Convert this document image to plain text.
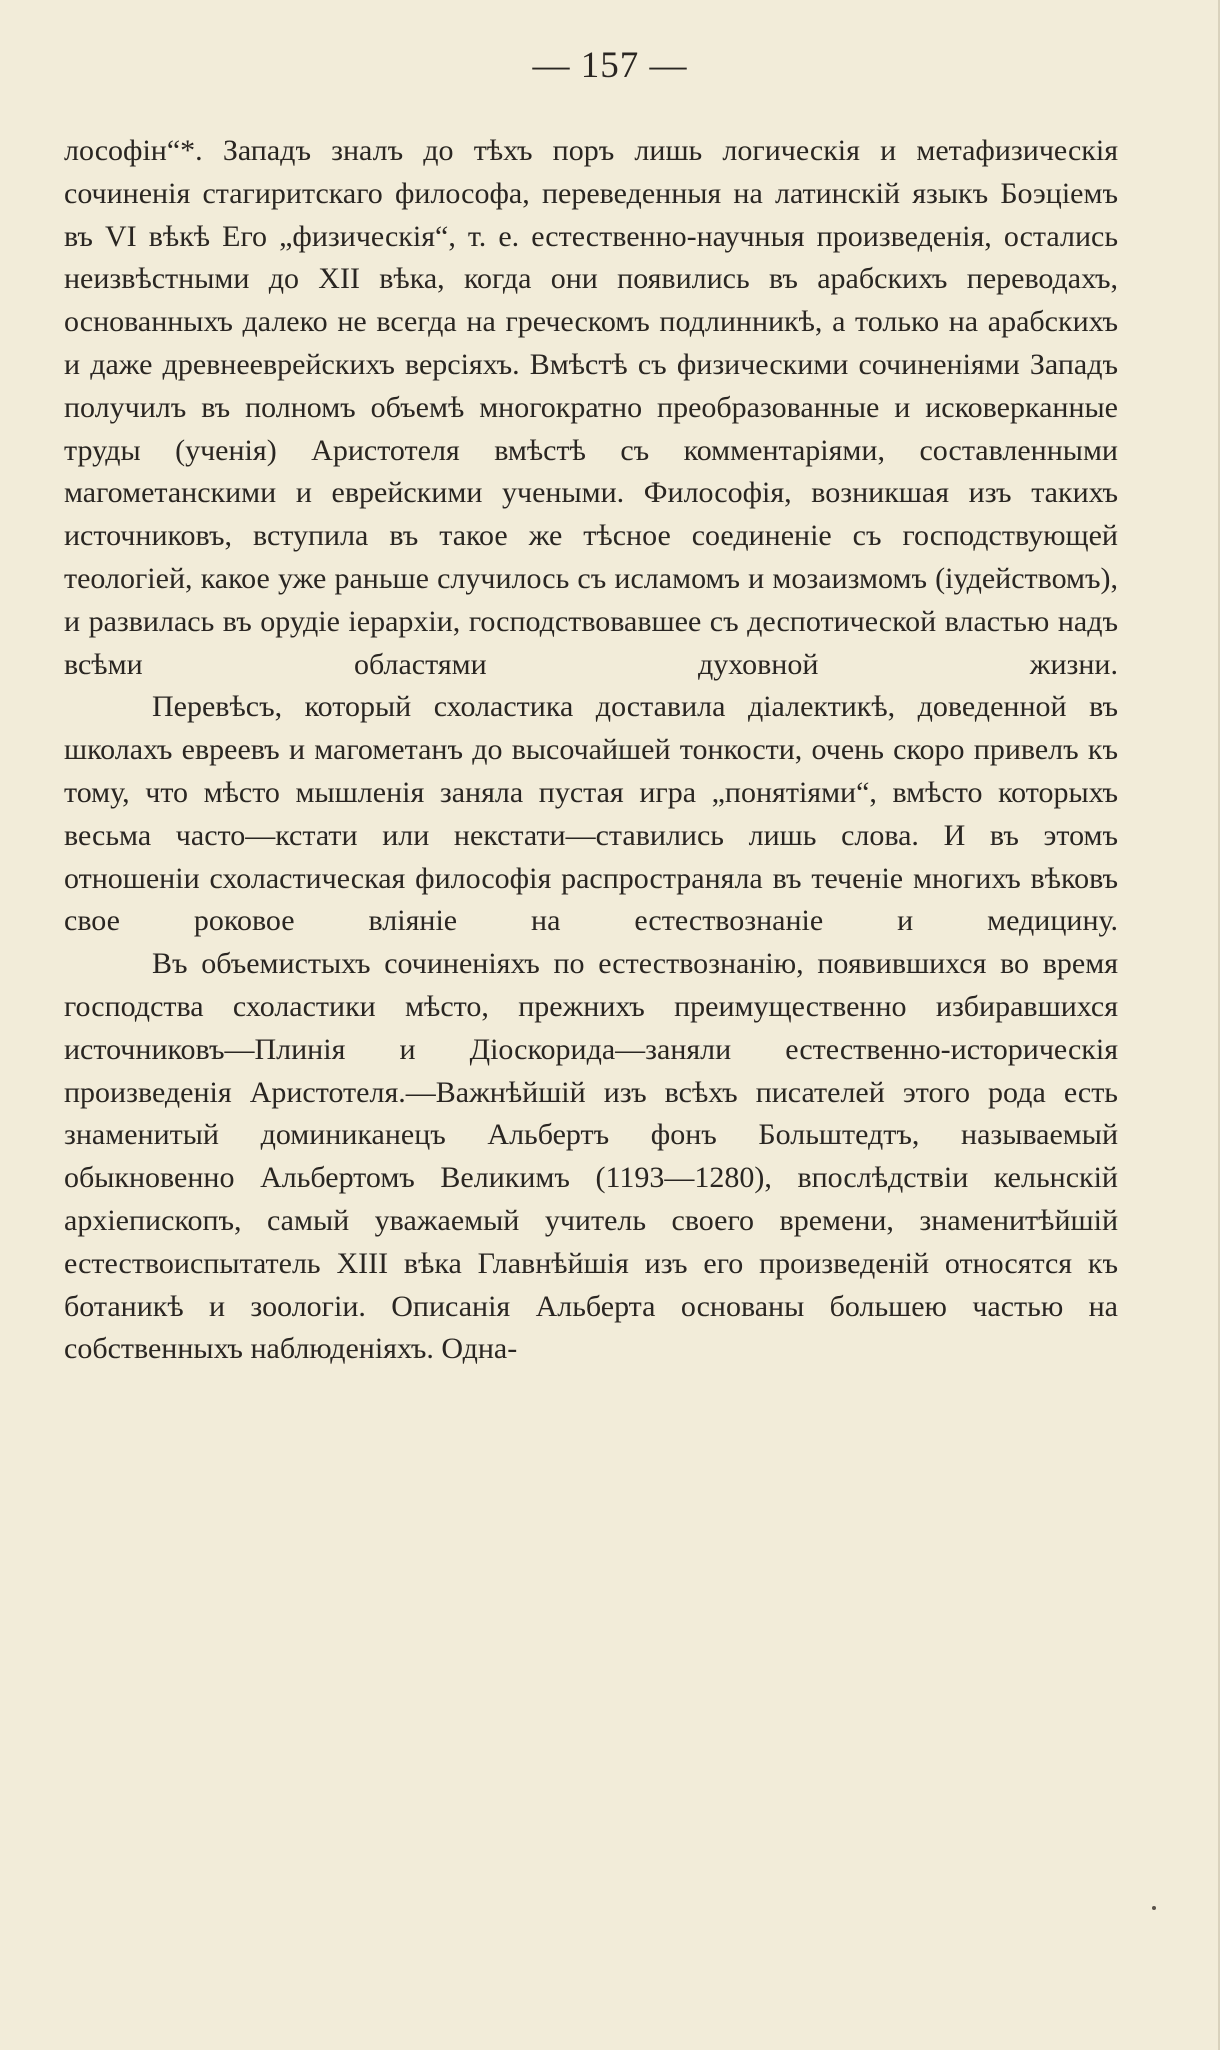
— 157 —

лософін“*. Западъ зналъ до тѣхъ поръ лишь логическія и метафизическія сочиненія стагиритскаго философа, переведенныя на латинскій языкъ Боэціемъ въ VI вѣкѣ Его „физическія“, т. е. естественно-научныя произведенія, остались неизвѣстными до XII вѣка, когда они появились въ арабскихъ переводахъ, основанныхъ далеко не всегда на греческомъ подлинникѣ, а только на арабскихъ и даже древнееврейскихъ версіяхъ. Вмѣстѣ съ физическими сочиненіями Западъ получилъ въ полномъ объемѣ многократно преобразованные и исковерканные труды (ученія) Аристотеля вмѣстѣ съ комментаріями, составленными магометанскими и еврейскими учеными. Философія, возникшая изъ такихъ источниковъ, вступила въ такое же тѣсное соединеніе съ господствующей теологіей, какое уже раньше случилось съ исламомъ и мозаизмомъ (іудействомъ), и развилась въ орудіе іерархіи, господствовавшее съ деспотической властью надъ всѣми областями духовной жизни.

Перевѣсъ, который схоластика доставила діалектикѣ, доведенной въ школахъ евреевъ и магометанъ до высочайшей тонкости, очень скоро привелъ къ тому, что мѣсто мышленія заняла пустая игра „понятіями“, вмѣсто которыхъ весьма часто—кстати или некстати—ставились лишь слова. И въ этомъ отношеніи схоластическая философія распространяла въ теченіе многихъ вѣковъ свое роковое вліяніе на естествознаніе и медицину.

Въ объемистыхъ сочиненіяхъ по естествознанію, появившихся во время господства схоластики мѣсто, прежнихъ преимущественно избиравшихся источниковъ—Плинія и Діоскорида—заняли естественно-историческія произведенія Аристотеля.—Важнѣйшій изъ всѣхъ писателей этого рода есть знаменитый доминиканецъ Альбертъ фонъ Больштедтъ, называемый обыкновенно Альбертомъ Великимъ (1193—1280), впослѣдствіи кельнскій архіепископъ, самый уважаемый учитель своего времени, знаменитѣйшій естествоиспытатель XIII вѣка Главнѣйшія изъ его произведеній относятся къ ботаникѣ и зоологіи. Описанія Альберта основаны большею частью на собственныхъ наблюденіяхъ. Одна-
